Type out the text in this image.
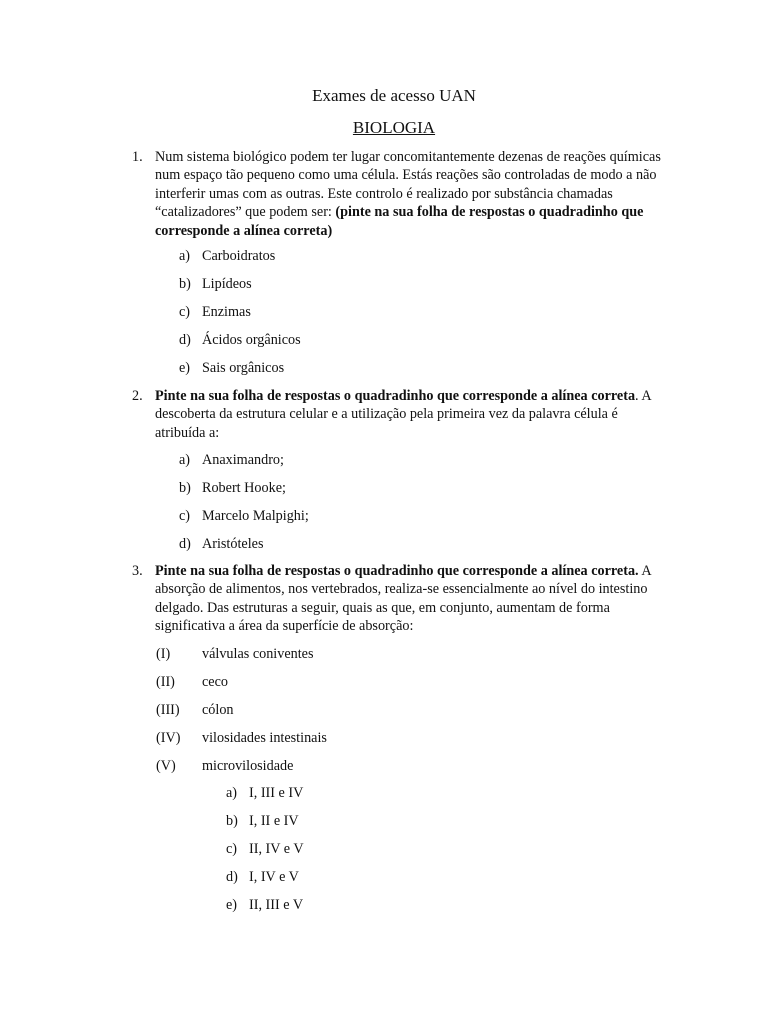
Exames de acesso UAN
BIOLOGIA
1. Num sistema biológico podem ter lugar concomitantemente dezenas de reações químicas num espaço tão pequeno como uma célula. Estás reações são controladas de modo a não interferir umas com as outras. Este controlo é realizado por substância chamadas “catalizadores” que podem ser: (pinte na sua folha de respostas o quadradinho que corresponde a alínea correta)
a) Carboidratos
b) Lipídeos
c) Enzimas
d) Ácidos orgânicos
e) Sais orgânicos
2. Pinte na sua folha de respostas o quadradinho que corresponde a alínea correta. A descoberta da estrutura celular e a utilização pela primeira vez da palavra célula é atribuída a:
a) Anaximandro;
b) Robert Hooke;
c) Marcelo Malpighi;
d) Aristóteles
3. Pinte na sua folha de respostas o quadradinho que corresponde a alínea correta. A absorção de alimentos, nos vertebrados, realiza-se essencialmente ao nível do intestino delgado. Das estruturas a seguir, quais as que, em conjunto, aumentam de forma significativa a área da superfície de absorção:
(I) válvulas coniventes
(II) ceco
(III) cólon
(IV) vilosidades intestinais
(V) microvilosidade
a) I, III e IV
b) I, II e IV
c) II, IV e V
d) I, IV e V
e) II, III e V
